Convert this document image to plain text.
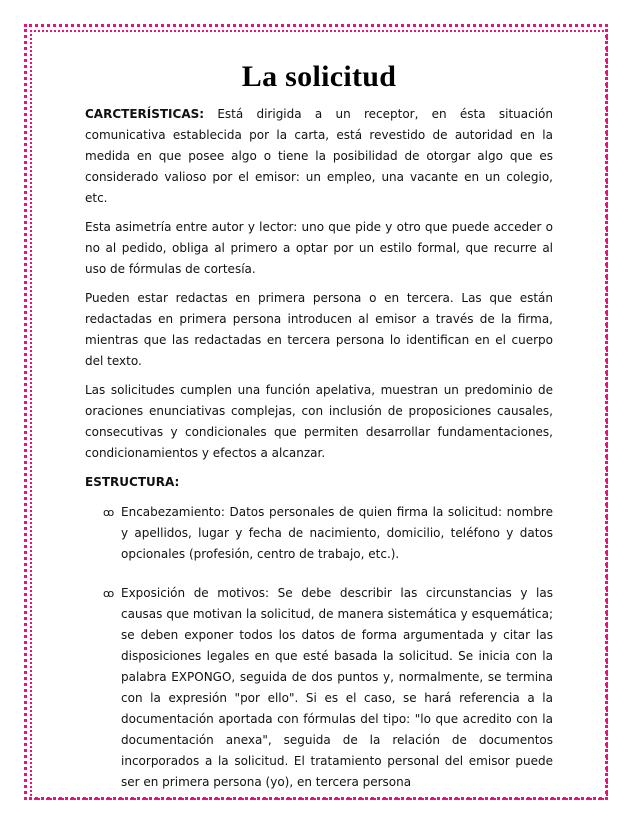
La solicitud

CARCTERÍSTICAS: Está dirigida a un receptor, en ésta situación comunicativa establecida por la carta, está revestido de autoridad en la medida en que posee algo o tiene la posibilidad de otorgar algo que es considerado valioso por el emisor: un empleo, una vacante en un colegio, etc.

Esta asimetría entre autor y lector: uno que pide y otro que puede acceder o no al pedido, obliga al primero a optar por un estilo formal, que recurre al uso de fórmulas de cortesía.

Pueden estar redactas en primera persona o en tercera. Las que están redactadas en primera persona introducen al emisor a través de la firma, mientras que las redactadas en tercera persona lo identifican en el cuerpo del texto.

Las solicitudes cumplen una función apelativa, muestran un predominio de oraciones enunciativas complejas, con inclusión de proposiciones causales, consecutivas y condicionales que permiten desarrollar fundamentaciones, condicionamientos y efectos a alcanzar.

ESTRUCTURA:
ꝏ Encabezamiento: Datos personales de quien firma la solicitud: nombre y apellidos, lugar y fecha de nacimiento, domicilio, teléfono y datos opcionales (profesión, centro de trabajo, etc.).

ꝏ Exposición de motivos: Se debe describir las circunstancias y las causas que motivan la solicitud, de manera sistemática y esquemática; se deben exponer todos los datos de forma argumentada y citar las disposiciones legales en que esté basada la solicitud. Se inicia con la palabra EXPONGO, seguida de dos puntos y, normalmente, se termina con la expresión "por ello". Si es el caso, se hará referencia a la documentación aportada con fórmulas del tipo: "lo que acredito con la documentación anexa", seguida de la relación de documentos incorporados a la solicitud. El tratamiento personal del emisor puede ser en primera persona (yo), en tercera persona
